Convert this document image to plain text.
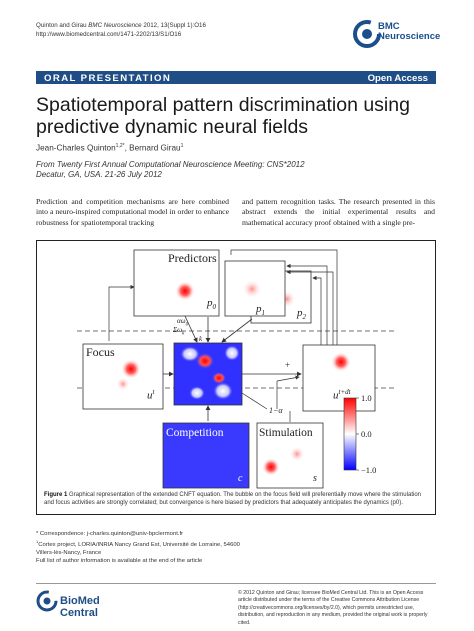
Quinton and Girau BMC Neuroscience 2012, 13(Suppl 1):O16
http://www.biomedcentral.com/1471-2202/13/S1/O16
BMC
Neuroscience
ORAL PRESENTATION	Open Access
Spatiotemporal pattern discrimination using predictive dynamic neural fields
Jean-Charles Quinton$^{1,2*}$, Bernard Girau$^1$
From Twenty First Annual Computational Neuroscience Meeting: CNS*2012
Decatur, GA, USA. 21-26 July 2012
Prediction and competition mechanisms are here combined into a neuro-inspired computational model in order to enhance robustness for spatiotemporal tracking
and pattern recognition tasks. The research presented in this abstract extends the initial experimental results and mathematical accuracy proof obtained with a single pre-
Predictors
$p_0$	$p_1$	$p_2$
Focus
$u^t$	$u^{t+dt}$
Competition
c
Stimulation
s
$\alpha\omega_0$
$\Sigma\omega_k$
k
+
1−α
1.0
0.0
−1.0
Figure 1 Graphical representation of the extended CNFT equation. The bubble on the focus field will preferentially move where the stimulation and focus activities are strongly correlated; but convergence is here biased by predictors that adequately anticipates the dynamics (p0).
* Correspondence: j-charles.quinton@univ-bpclermont.fr
$^1$Cortex project, LORIA/INRIA Nancy Grand Est, Université de Lorraine, 54600
Villers-lès-Nancy, France
Full list of author information is available at the end of the article
BioMed Central
© 2012 Quinton and Girau; licensee BioMed Central Ltd. This is an Open Access article distributed under the terms of the Creative Commons Attribution License (http://creativecommons.org/licenses/by/2.0), which permits unrestricted use, distribution, and reproduction in any medium, provided the original work is properly cited.
